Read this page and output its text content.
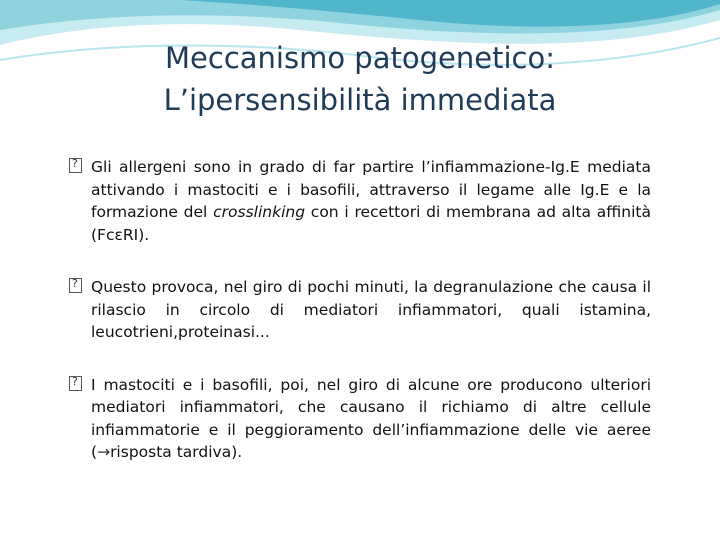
Meccanismo patogenetico:
L’ipersensibilità immediata
?
Gli allergeni sono in grado di far partire l’infiammazione-Ig.E mediata attivando i mastociti e i basofili, attraverso il legame alle Ig.E e la formazione del crosslinking con i recettori di membrana ad alta affinità (FcεRI).
?
Questo provoca, nel giro di pochi minuti, la degranulazione che causa il rilascio in circolo di mediatori infiammatori, quali istamina, leucotrieni,proteinasi...
?
I mastociti e i basofili, poi, nel giro di alcune ore producono ulteriori mediatori infiammatori, che causano il richiamo di altre cellule infiammatorie e il peggioramento dell’infiammazione delle vie aeree (→risposta tardiva).
